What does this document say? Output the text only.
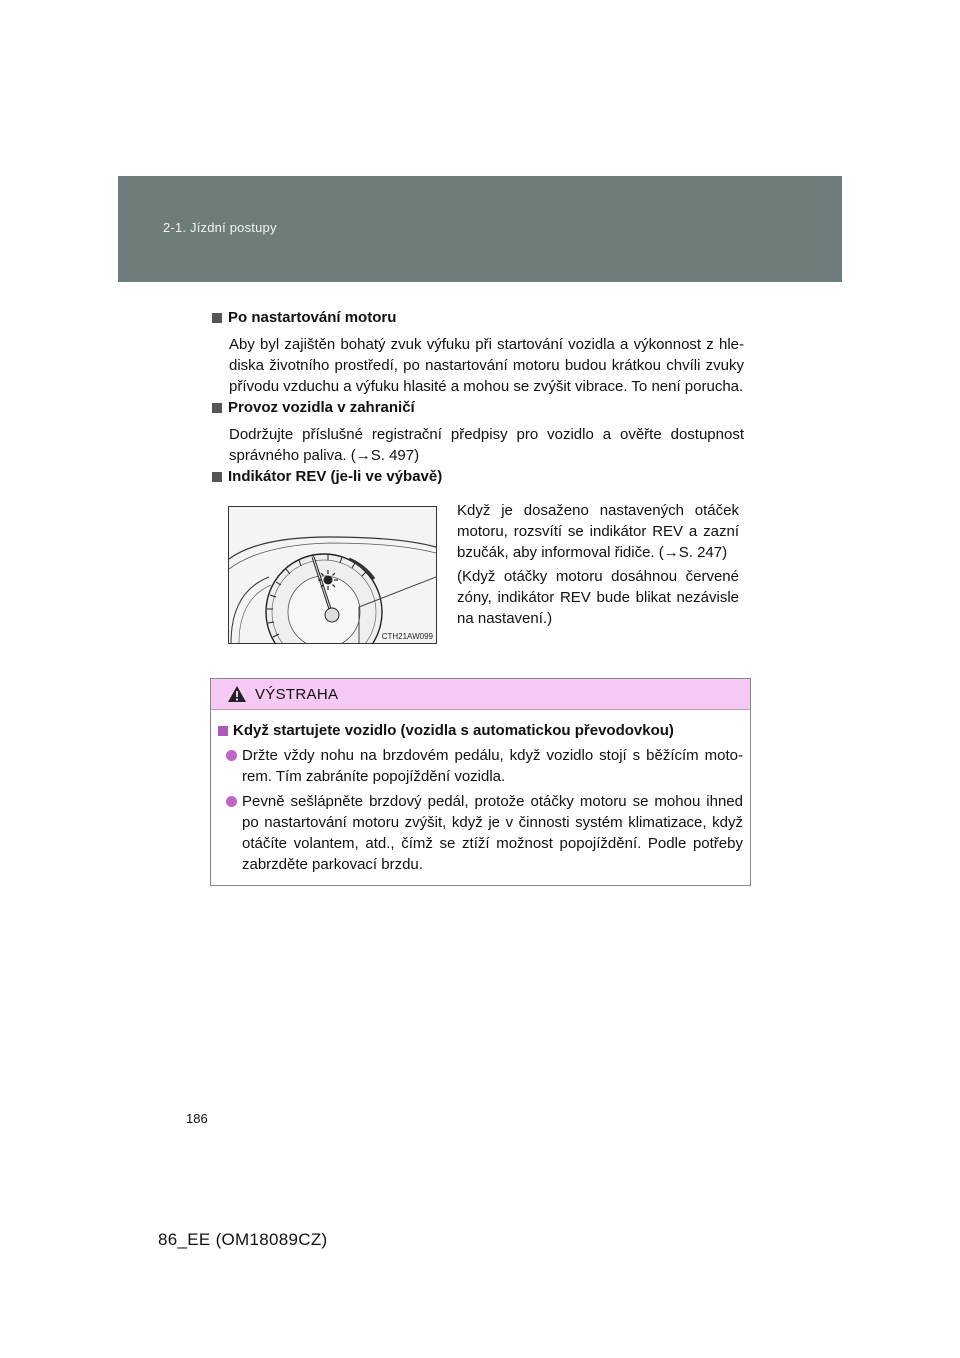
2-1. Jízdní postupy
Po nastartování motoru
Aby byl zajištěn bohatý zvuk výfuku při startování vozidla a výkonnost z hlediska životního prostředí, po nastartování motoru budou krátkou chvíli zvuky přívodu vzduchu a výfuku hlasité a mohou se zvýšit vibrace. To není porucha.
Provoz vozidla v zahraničí
Dodržujte příslušné registrační předpisy pro vozidlo a ověřte dostupnost správného paliva. (→S. 497)
Indikátor REV (je-li ve výbavě)
CTH21AW099
Když je dosaženo nastavených otáček motoru, rozsvítí se indikátor REV a zazní bzučák, aby informoval řidiče. (→S. 247)
(Když otáčky motoru dosáhnou červené zóny, indikátor REV bude blikat nezávisle na nastavení.)
VÝSTRAHA
Když startujete vozidlo (vozidla s automatickou převodovkou)
Držte vždy nohu na brzdovém pedálu, když vozidlo stojí s běžícím motorem. Tím zabráníte popojíždění vozidla.
Pevně sešlápněte brzdový pedál, protože otáčky motoru se mohou ihned po nastartování motoru zvýšit, když je v činnosti systém klimatizace, když otáčíte volantem, atd., čímž se ztíží možnost popojíždění. Podle potřeby zabrzděte parkovací brzdu.
186
86_EE (OM18089CZ)
